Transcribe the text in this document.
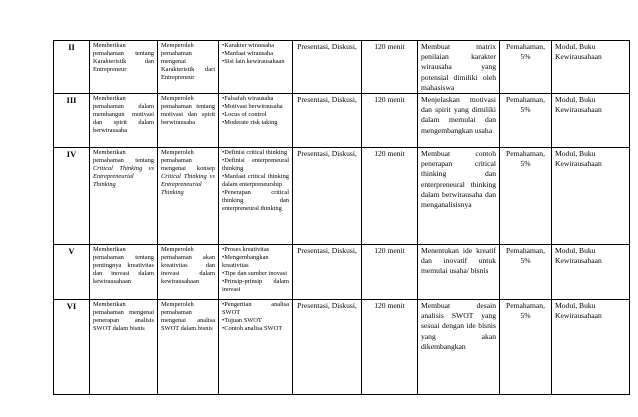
II	Memberikan pemahaman tentang Karakteristik dan Entrepreneur	Memperoleh pemahaman mengenai Karakteristik dari Entrepreneur	•Karakter wirausaha
•Manfaat wirausaha
•Sisi lain kewirausahaan	Presentasi, Diskusi,	120 menit	Membuat matrix penilaian karakter wirausaha yang potensial dimiliki oleh mahasiswa	Pemahaman, 5%	Modul, Buku Kewirausahaan
III	Memberikan pemahaman dalam membangun motivasi dan spirit dalam berwirausaha	Memperoleh pemahaman tentang motivasi dan spirit berwirausaha	•Falsafah wirausaha
•Motivasi berwirausaha
•Locus of control
•Moderate risk taking	Presentasi, Diskusi,	120 menit	Menjelaskan motivasi dan spirit yang dimiliki dalam memulai dan mengembangkan usaha	Pemahaman, 5%	Modul, Buku Kewirausahaan
IV	Memberikan pemahaman tentang Critical Thinking vs Entrepreneurial Thinking	Memperoleh pemahaman mengenai konsep Critical Thinking vs Entrepreneurial Thinking	•Definisi critical thinking
•Definisi enterpreneural thinking
•Manfaat critical thinking dalam enterpreneurship
•Penerapan critical thinking dan enterpreneural thinking	Presentasi, Diskusi,	120 menit	Membuat contoh penerapan critical thinking dan enterpreneural thinking dalam berwirausaha dan menganalisisnya	Pemahaman, 5%	Modul, Buku Kewirausahaan
V	Memberikan pemahaman tentang pentingnya kreativitas dan inovasi dalam kewirausahaan	Memperoleh pemahaman akan kreativitas dan inovasi dalam kewirausahaan	•Proses kreativitas
•Mengembangkan kreativitas
•Tipe dan sumber inovasi
•Prinsip-prinsip dalam inovasi	Presentasi, Diskusi,	120 menit	Menentukan ide kreatif dan inovatif untuk memulai usaha/ bisnis	Pemahaman, 5%	Modul, Buku Kewirausahaan
VI	Memberikan pemahaman mengenai penerapan analisis SWOT dalam bisnis	Memperoleh pemahaman mengenai analisa SWOT dalam bisnis	•Pengertian analisa SWOT
•Tujuan SWOT
•Contoh analisa SWOT	Presentasi, Diskusi,	120 menit	Membuat desain analisis SWOT yang sesuai dengan ide bisnis yang akan dikembangkan	Pemahaman, 5%	Modul, Buku Kewirausahaan
